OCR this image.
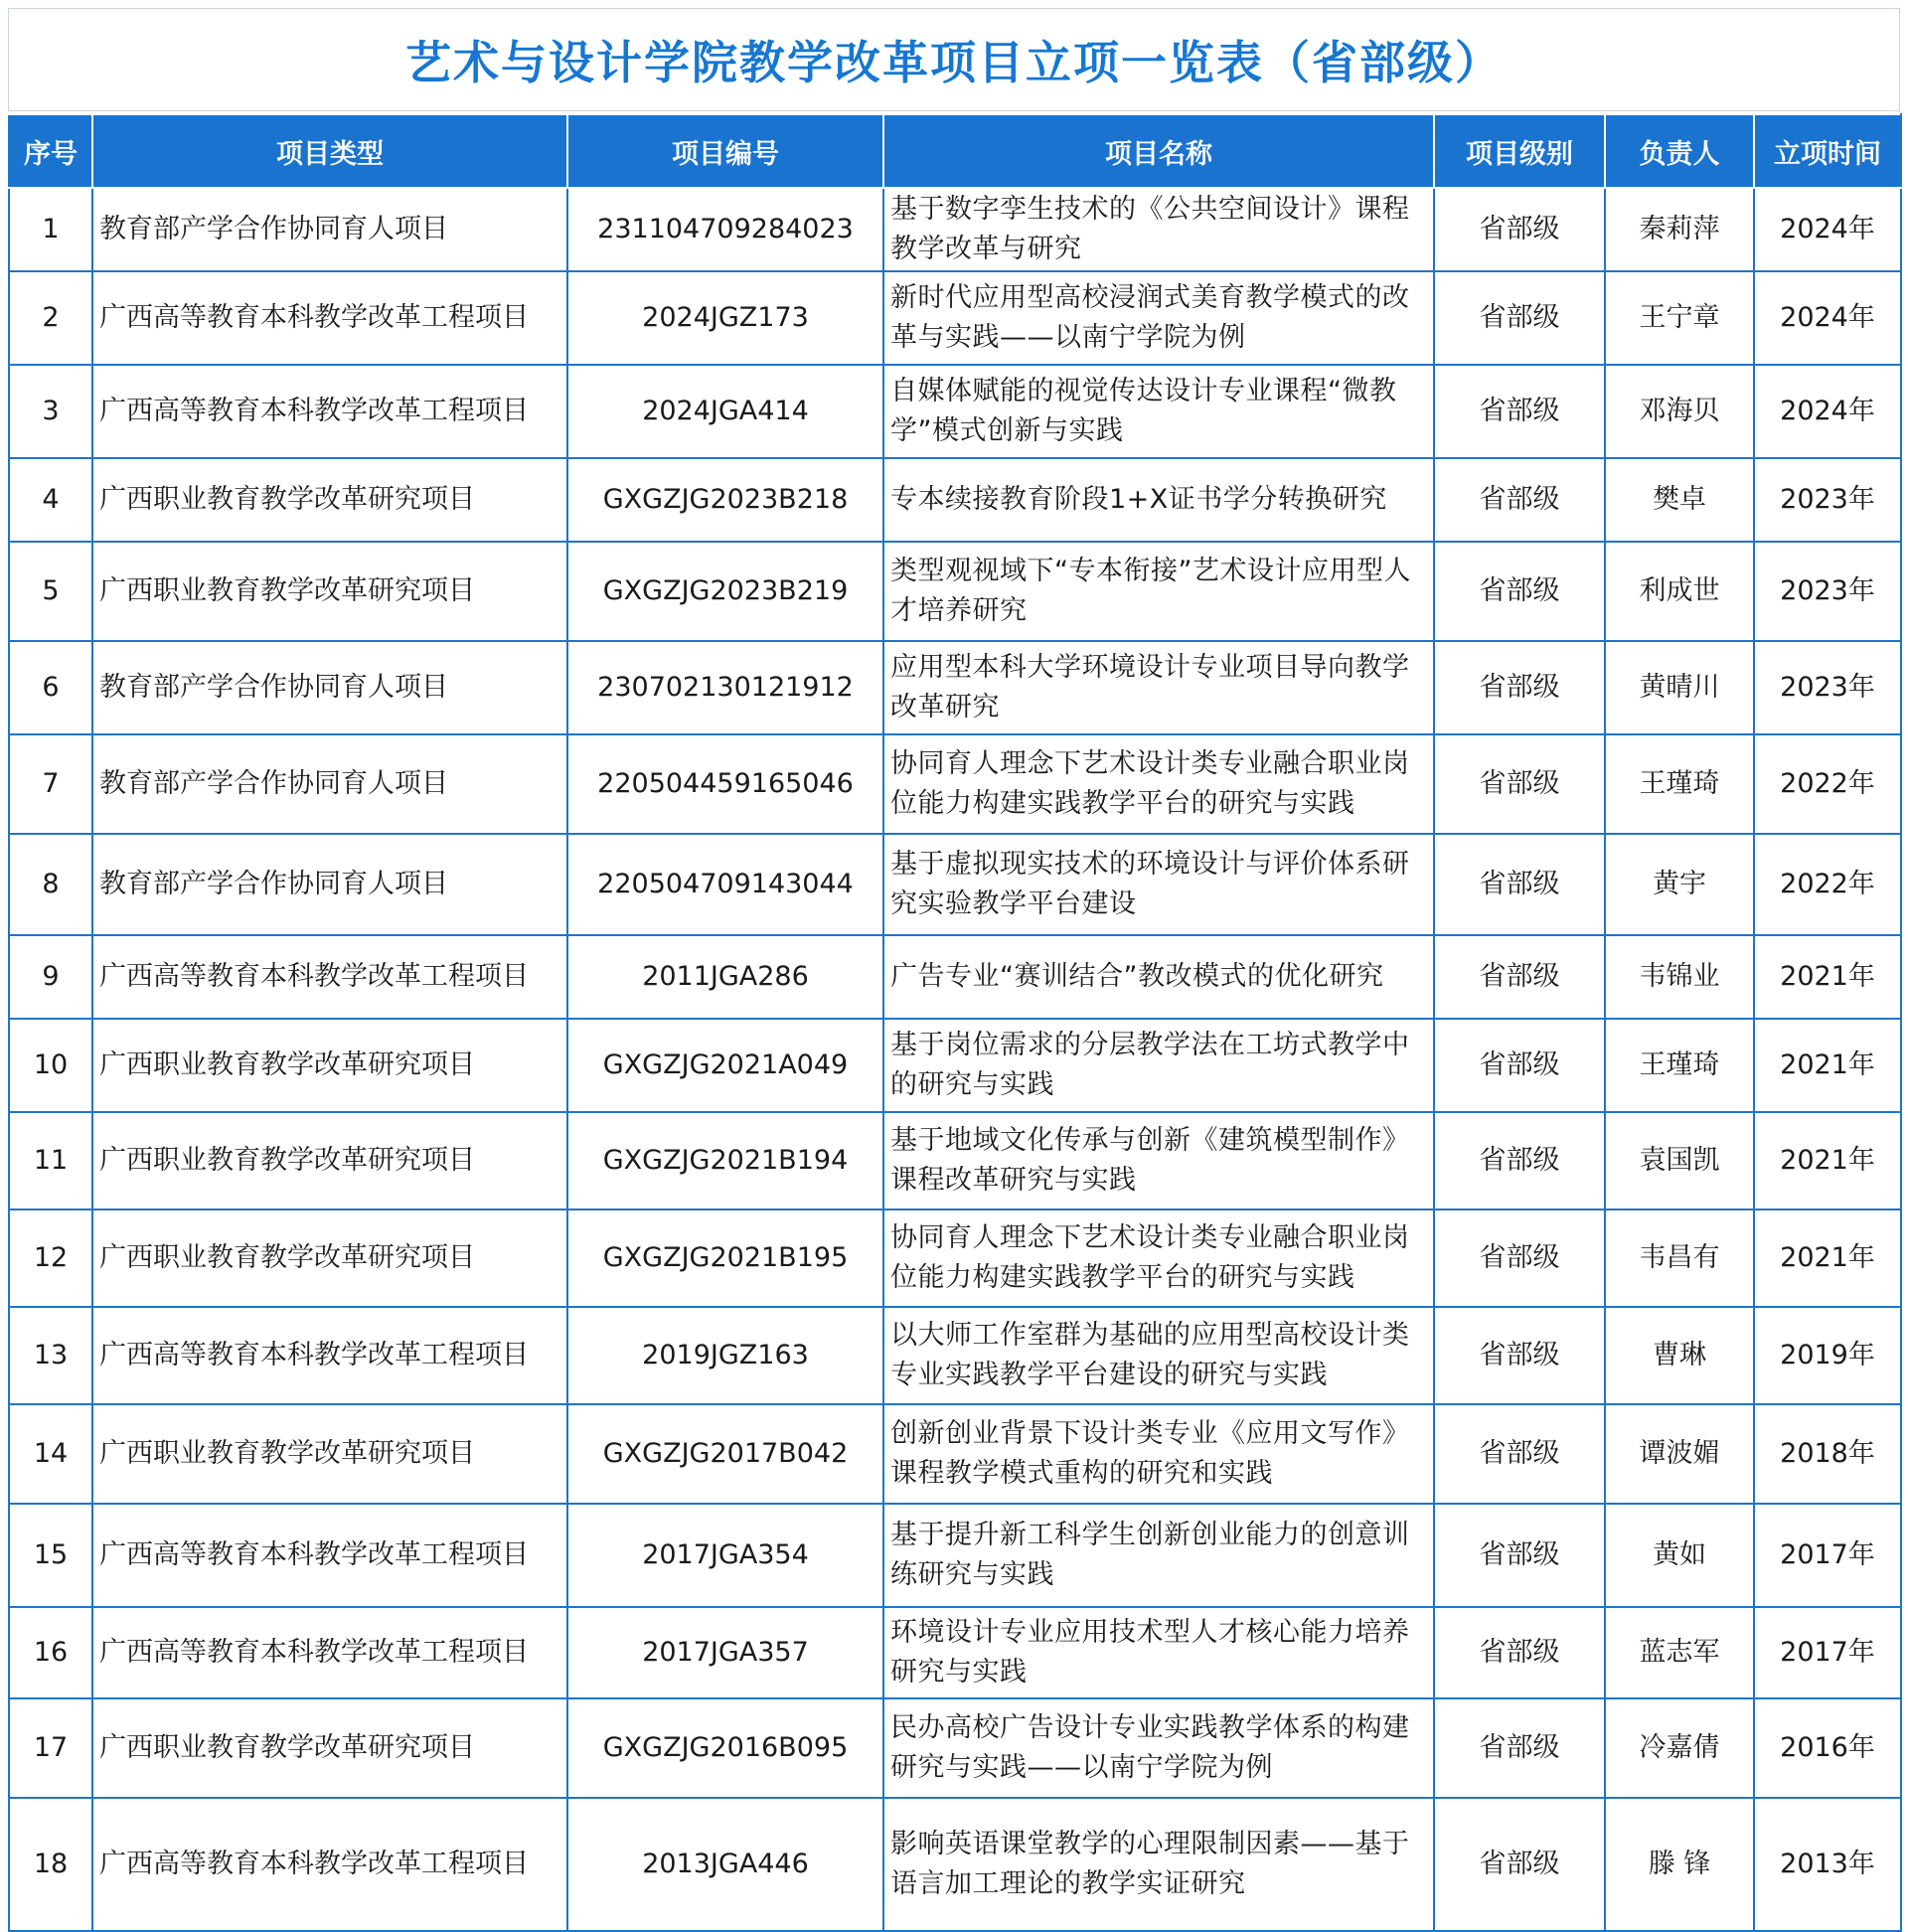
艺术与设计学院教学改革项目立项一览表（省部级）
序号	项目类型	项目编号	项目名称	项目级别	负责人	立项时间
1	教育部产学合作协同育人项目	231104709284023	基于数字孪生技术的《公共空间设计》课程教学改革与研究	省部级	秦莉萍	2024年
2	广西高等教育本科教学改革工程项目	2024JGZ173	新时代应用型高校浸润式美育教学模式的改革与实践——以南宁学院为例	省部级	王宁章	2024年
3	广西高等教育本科教学改革工程项目	2024JGA414	自媒体赋能的视觉传达设计专业课程“微教学”模式创新与实践	省部级	邓海贝	2024年
4	广西职业教育教学改革研究项目	GXGZJG2023B218	专本续接教育阶段1+X证书学分转换研究	省部级	樊卓	2023年
5	广西职业教育教学改革研究项目	GXGZJG2023B219	类型观视域下“专本衔接”艺术设计应用型人才培养研究	省部级	利成世	2023年
6	教育部产学合作协同育人项目	230702130121912	应用型本科大学环境设计专业项目导向教学改革研究	省部级	黄晴川	2023年
7	教育部产学合作协同育人项目	220504459165046	协同育人理念下艺术设计类专业融合职业岗位能力构建实践教学平台的研究与实践	省部级	王瑾琦	2022年
8	教育部产学合作协同育人项目	220504709143044	基于虚拟现实技术的环境设计与评价体系研究实验教学平台建设	省部级	黄宇	2022年
9	广西高等教育本科教学改革工程项目	2011JGA286	广告专业“赛训结合”教改模式的优化研究	省部级	韦锦业	2021年
10	广西职业教育教学改革研究项目	GXGZJG2021A049	基于岗位需求的分层教学法在工坊式教学中的研究与实践	省部级	王瑾琦	2021年
11	广西职业教育教学改革研究项目	GXGZJG2021B194	基于地域文化传承与创新《建筑模型制作》课程改革研究与实践	省部级	袁国凯	2021年
12	广西职业教育教学改革研究项目	GXGZJG2021B195	协同育人理念下艺术设计类专业融合职业岗位能力构建实践教学平台的研究与实践	省部级	韦昌有	2021年
13	广西高等教育本科教学改革工程项目	2019JGZ163	以大师工作室群为基础的应用型高校设计类专业实践教学平台建设的研究与实践	省部级	曹琳	2019年
14	广西职业教育教学改革研究项目	GXGZJG2017B042	创新创业背景下设计类专业《应用文写作》课程教学模式重构的研究和实践	省部级	谭波媚	2018年
15	广西高等教育本科教学改革工程项目	2017JGA354	基于提升新工科学生创新创业能力的创意训练研究与实践	省部级	黄如	2017年
16	广西高等教育本科教学改革工程项目	2017JGA357	环境设计专业应用技术型人才核心能力培养研究与实践	省部级	蓝志军	2017年
17	广西职业教育教学改革研究项目	GXGZJG2016B095	民办高校广告设计专业实践教学体系的构建研究与实践——以南宁学院为例	省部级	冷嘉倩	2016年
18	广西高等教育本科教学改革工程项目	2013JGA446	影响英语课堂教学的心理限制因素——基于语言加工理论的教学实证研究	省部级	滕 锋	2013年
